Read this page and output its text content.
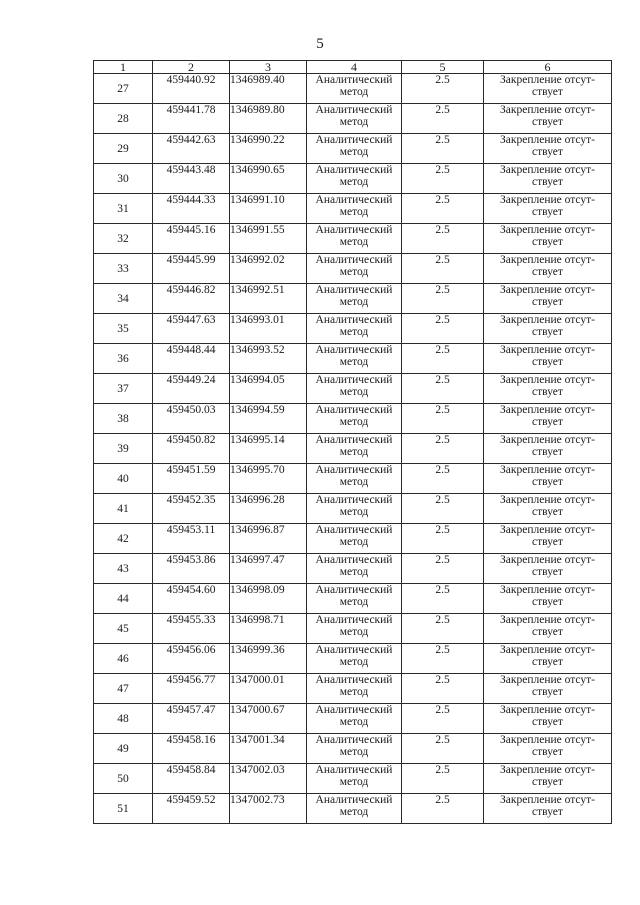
5
1	2	3	4	5	6

27	459440.92	1346989.40	Аналитический
метод	2.5	Закрепление отсут-
ствует

28	459441.78	1346989.80	Аналитический
метод	2.5	Закрепление отсут-
ствует

29	459442.63	1346990.22	Аналитический
метод	2.5	Закрепление отсут-
ствует

30	459443.48	1346990.65	Аналитический
метод	2.5	Закрепление отсут-
ствует

31	459444.33	1346991.10	Аналитический
метод	2.5	Закрепление отсут-
ствует

32	459445.16	1346991.55	Аналитический
метод	2.5	Закрепление отсут-
ствует

33	459445.99	1346992.02	Аналитический
метод	2.5	Закрепление отсут-
ствует

34	459446.82	1346992.51	Аналитический
метод	2.5	Закрепление отсут-
ствует

35	459447.63	1346993.01	Аналитический
метод	2.5	Закрепление отсут-
ствует

36	459448.44	1346993.52	Аналитический
метод	2.5	Закрепление отсут-
ствует

37	459449.24	1346994.05	Аналитический
метод	2.5	Закрепление отсут-
ствует

38	459450.03	1346994.59	Аналитический
метод	2.5	Закрепление отсут-
ствует

39	459450.82	1346995.14	Аналитический
метод	2.5	Закрепление отсут-
ствует

40	459451.59	1346995.70	Аналитический
метод	2.5	Закрепление отсут-
ствует

41	459452.35	1346996.28	Аналитический
метод	2.5	Закрепление отсут-
ствует

42	459453.11	1346996.87	Аналитический
метод	2.5	Закрепление отсут-
ствует

43	459453.86	1346997.47	Аналитический
метод	2.5	Закрепление отсут-
ствует

44	459454.60	1346998.09	Аналитический
метод	2.5	Закрепление отсут-
ствует

45	459455.33	1346998.71	Аналитический
метод	2.5	Закрепление отсут-
ствует

46	459456.06	1346999.36	Аналитический
метод	2.5	Закрепление отсут-
ствует

47	459456.77	1347000.01	Аналитический
метод	2.5	Закрепление отсут-
ствует

48	459457.47	1347000.67	Аналитический
метод	2.5	Закрепление отсут-
ствует

49	459458.16	1347001.34	Аналитический
метод	2.5	Закрепление отсут-
ствует

50	459458.84	1347002.03	Аналитический
метод	2.5	Закрепление отсут-
ствует

51	459459.52	1347002.73	Аналитический
метод	2.5	Закрепление отсут-
ствует
